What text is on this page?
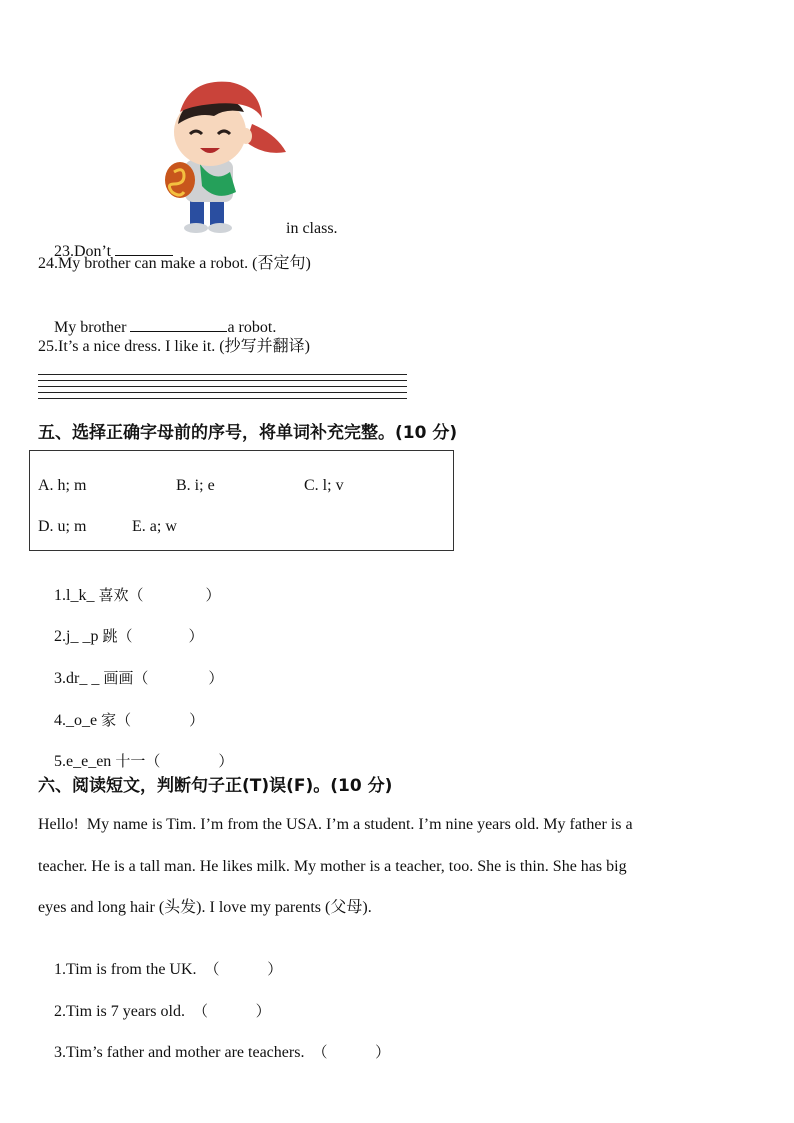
23.Don’t

in class.
24.My brother can make a robot. (否定句)

My brother	a robot.

25.It’s a nice dress. I like it. (抄写并翻译)
五、选择正确字母前的序号，将单词补充完整。(10 分)
A. h; m	B. i; e	C. l; v
D. u; m	E. a; w

1.l_k_ 喜欢（	）

2.j_ _p 跳（	）

3.dr_ _ 画画（	）

4._o_e 家（	）

5.e_e_en 十一（	）

六、阅读短文，判断句子正(T)误(F)。(10 分)
Hello!  My name is Tim. I’m from the USA. I’m a student. I’m nine years old. My father is a
teacher. He is a tall man. He likes milk. My mother is a teacher, too. She is thin. She has big
eyes and long hair (头发). I love my parents (父母).

1.Tim is from the UK. （          ）

2.Tim is 7 years old. （          ）

3.Tim’s father and mother are teachers. （          ）
